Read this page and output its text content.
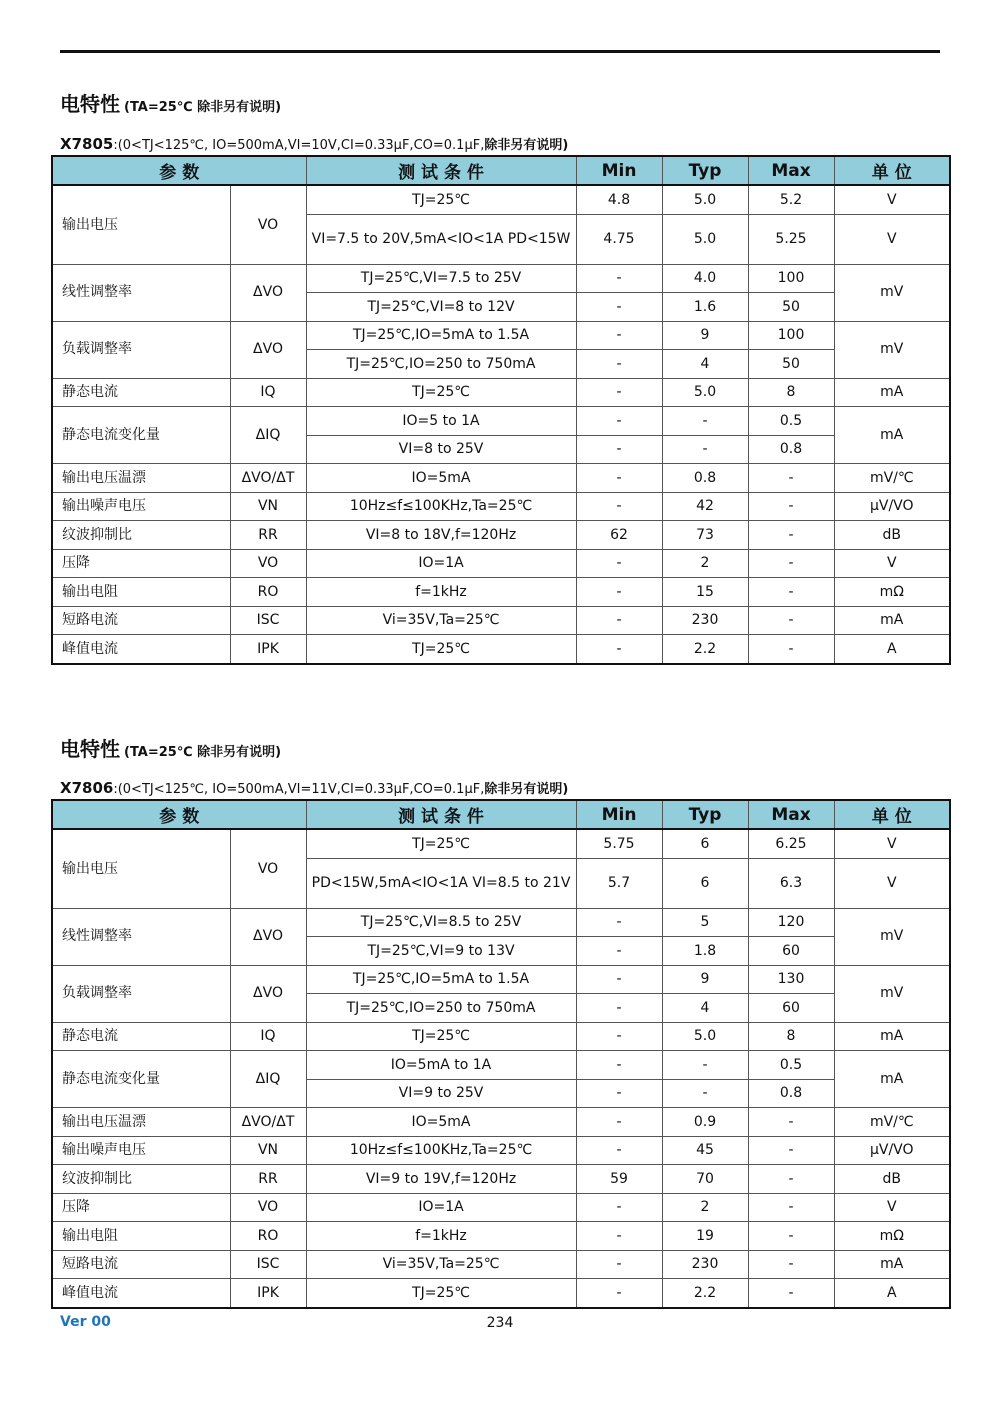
电特性 (TA=25℃ 除非另有说明)
X7805:(0<TJ<125℃, IO=500mA,VI=10V,CI=0.33μF,CO=0.1μF,除非另有说明)
参 数		测 试 条 件	Min	Typ	Max	单 位
输出电压	VO	TJ=25℃	4.8	5.0	5.2	V
		VI=7.5 to 20V,5mA<IO<1A PD<15W	4.75	5.0	5.25	V
线性调整率	ΔVO	TJ=25℃,VI=7.5 to 25V	-	4.0	100	mV
		TJ=25℃,VI=8 to 12V	-	1.6	50	
负载调整率	ΔVO	TJ=25℃,IO=5mA to 1.5A	-	9	100	mV
		TJ=25℃,IO=250 to 750mA	-	4	50	
静态电流	IQ	TJ=25℃	-	5.0	8	mA
静态电流变化量	ΔIQ	IO=5 to 1A	-	-	0.5	mA
		VI=8 to 25V	-	-	0.8	
输出电压温漂	ΔVO/ΔT	IO=5mA	-	0.8	-	mV/℃
输出噪声电压	VN	10Hz≤f≤100KHz,Ta=25℃	-	42	-	μV/VO
纹波抑制比	RR	VI=8 to 18V,f=120Hz	62	73	-	dB
压降	VO	IO=1A	-	2	-	V
输出电阻	RO	f=1kHz	-	15	-	mΩ
短路电流	ISC	Vi=35V,Ta=25℃	-	230	-	mA
峰值电流	IPK	TJ=25℃	-	2.2	-	A
电特性 (TA=25℃ 除非另有说明)
X7806:(0<TJ<125℃, IO=500mA,VI=11V,CI=0.33μF,CO=0.1μF,除非另有说明)
参 数		测 试 条 件	Min	Typ	Max	单 位
输出电压	VO	TJ=25℃	5.75	6	6.25	V
		PD<15W,5mA<IO<1A VI=8.5 to 21V	5.7	6	6.3	V
线性调整率	ΔVO	TJ=25℃,VI=8.5 to 25V	-	5	120	mV
		TJ=25℃,VI=9 to 13V	-	1.8	60	
负载调整率	ΔVO	TJ=25℃,IO=5mA to 1.5A	-	9	130	mV
		TJ=25℃,IO=250 to 750mA	-	4	60	
静态电流	IQ	TJ=25℃	-	5.0	8	mA
静态电流变化量	ΔIQ	IO=5mA to 1A	-	-	0.5	mA
		VI=9 to 25V	-	-	0.8	
输出电压温漂	ΔVO/ΔT	IO=5mA	-	0.9	-	mV/℃
输出噪声电压	VN	10Hz≤f≤100KHz,Ta=25℃	-	45	-	μV/VO
纹波抑制比	RR	VI=9 to 19V,f=120Hz	59	70	-	dB
压降	VO	IO=1A	-	2	-	V
输出电阻	RO	f=1kHz	-	19	-	mΩ
短路电流	ISC	Vi=35V,Ta=25℃	-	230	-	mA
峰值电流	IPK	TJ=25℃	-	2.2	-	A
Ver 00	234
